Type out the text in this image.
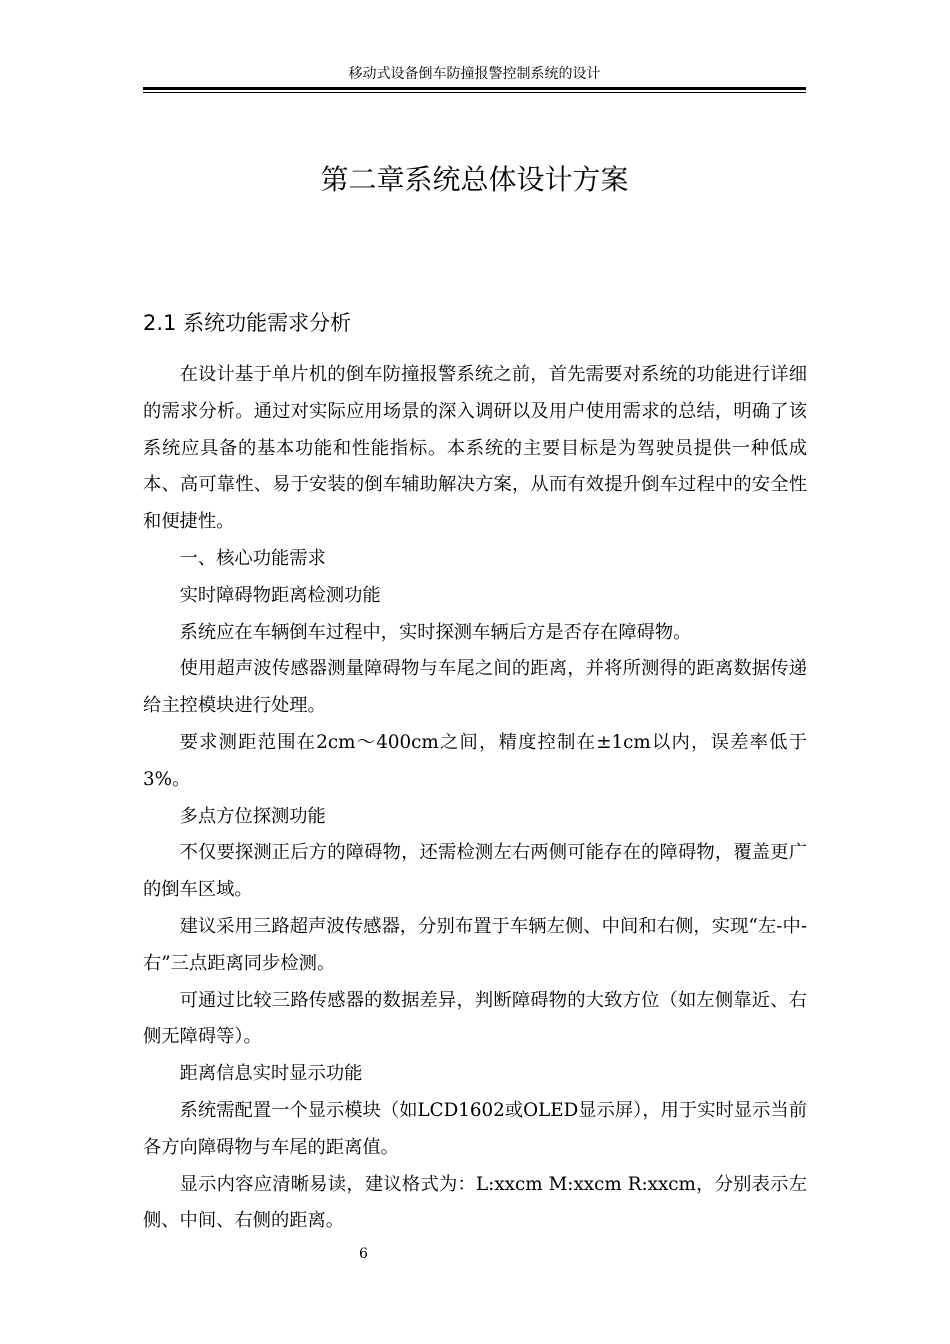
移动式设备倒车防撞报警控制系统的设计
第二章系统总体设计方案
2.1 系统功能需求分析

在设计基于单片机的倒车防撞报警系统之前，首先需要对系统的功能进行详细的需求分析。通过对实际应用场景的深入调研以及用户使用需求的总结，明确了该系统应具备的基本功能和性能指标。本系统的主要目标是为驾驶员提供一种低成本、高可靠性、易于安装的倒车辅助解决方案，从而有效提升倒车过程中的安全性和便捷性。

一、核心功能需求

实时障碍物距离检测功能

系统应在车辆倒车过程中，实时探测车辆后方是否存在障碍物。

使用超声波传感器测量障碍物与车尾之间的距离，并将所测得的距离数据传递给主控模块进行处理。

要求测距范围在2cm～400cm之间，精度控制在±1cm以内，误差率低于3%。

多点方位探测功能

不仅要探测正后方的障碍物，还需检测左右两侧可能存在的障碍物，覆盖更广的倒车区域。

建议采用三路超声波传感器，分别布置于车辆左侧、中间和右侧，实现“左-中-右”三点距离同步检测。

可通过比较三路传感器的数据差异，判断障碍物的大致方位（如左侧靠近、右侧无障碍等）。

距离信息实时显示功能

系统需配置一个显示模块（如LCD1602或OLED显示屏），用于实时显示当前各方向障碍物与车尾的距离值。

显示内容应清晰易读，建议格式为：L:xxcm M:xxcm R:xxcm，分别表示左侧、中间、右侧的距离。

6
